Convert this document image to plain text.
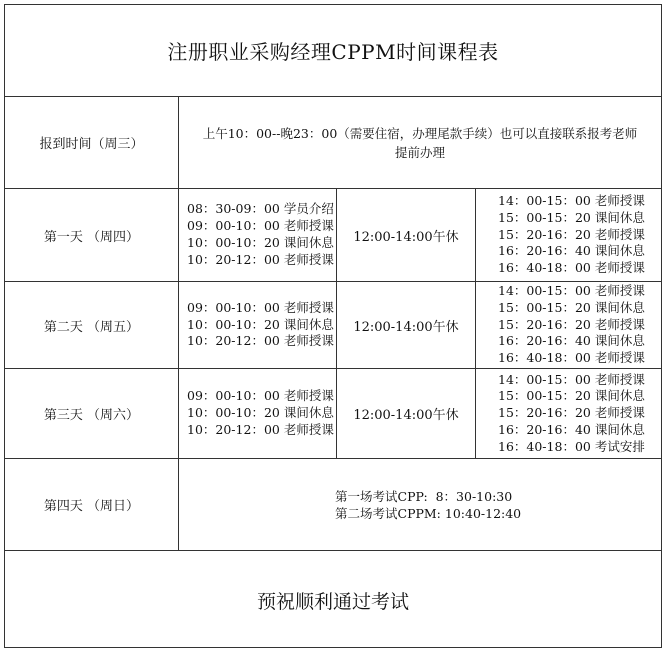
注册职业采购经理CPPM时间课程表
报到时间（周三）
上午10：00--晚23：00（需要住宿，办理尾款手续）也可以直接联系报考老师提前办理
第一天 （周四）
08：30-09：00 学员介绍
09：00-10：00 老师授课
10：00-10：20 课间休息
10：20-12：00 老师授课
12:00-14:00午休
14：00-15：00 老师授课
15：00-15：20 课间休息
15：20-16：20 老师授课
16：20-16：40 课间休息
16：40-18：00 老师授课
第二天 （周五）
09：00-10：00 老师授课
10：00-10：20 课间休息
10：20-12：00 老师授课
12:00-14:00午休
14：00-15：00 老师授课
15：00-15：20 课间休息
15：20-16：20 老师授课
16：20-16：40 课间休息
16：40-18：00 老师授课
第三天 （周六）
09：00-10：00 老师授课
10：00-10：20 课间休息
10：20-12：00 老师授课
12:00-14:00午休
14：00-15：00 老师授课
15：00-15：20 课间休息
15：20-16：20 老师授课
16：20-16：40 课间休息
16：40-18：00 考试安排
第四天 （周日）
第一场考试CPP:  8：30-10:30
第二场考试CPPM: 10:40-12:40
预祝顺利通过考试
